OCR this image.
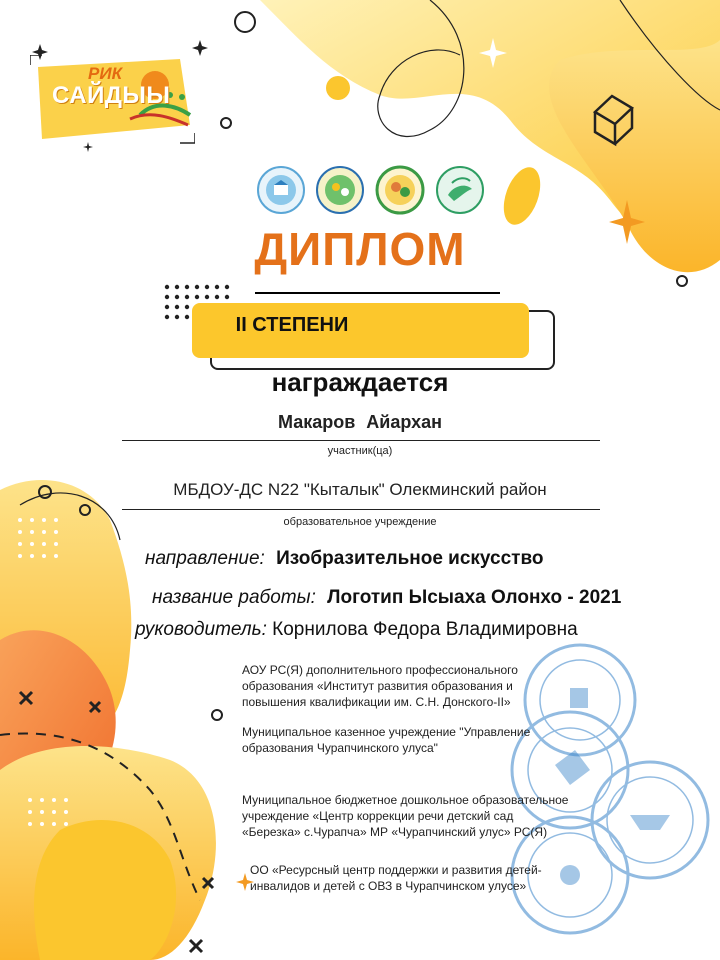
РИК
САЙДЫЫ
ДИПЛОМ
II СТЕПЕНИ
награждается
Макаров Айархан
участник(ца)
МБДОУ-ДС N22 "Кыталык" Олекминский район
образовательное учреждение
направление: Изобразительное искусство
название работы: Логотип Ысыаха Олонхо - 2021
руководитель: Корнилова Федора Владимировна

АОУ РС(Я) дополнительного профессионального образования «Институт развития образования и повышения квалификации им. С.Н. Донского-II»

Муниципальное казенное учреждение "Управление образования Чурапчинского улуса"

Муниципальное бюджетное дошкольное образовательное учреждение «Центр коррекции речи детский сад «Березка» с.Чурапча» МР «Чурапчинский улус» РС(Я)

ОО «Ресурсный центр поддержки и развития детей-инвалидов и детей с ОВЗ в Чурапчинском улусе»
